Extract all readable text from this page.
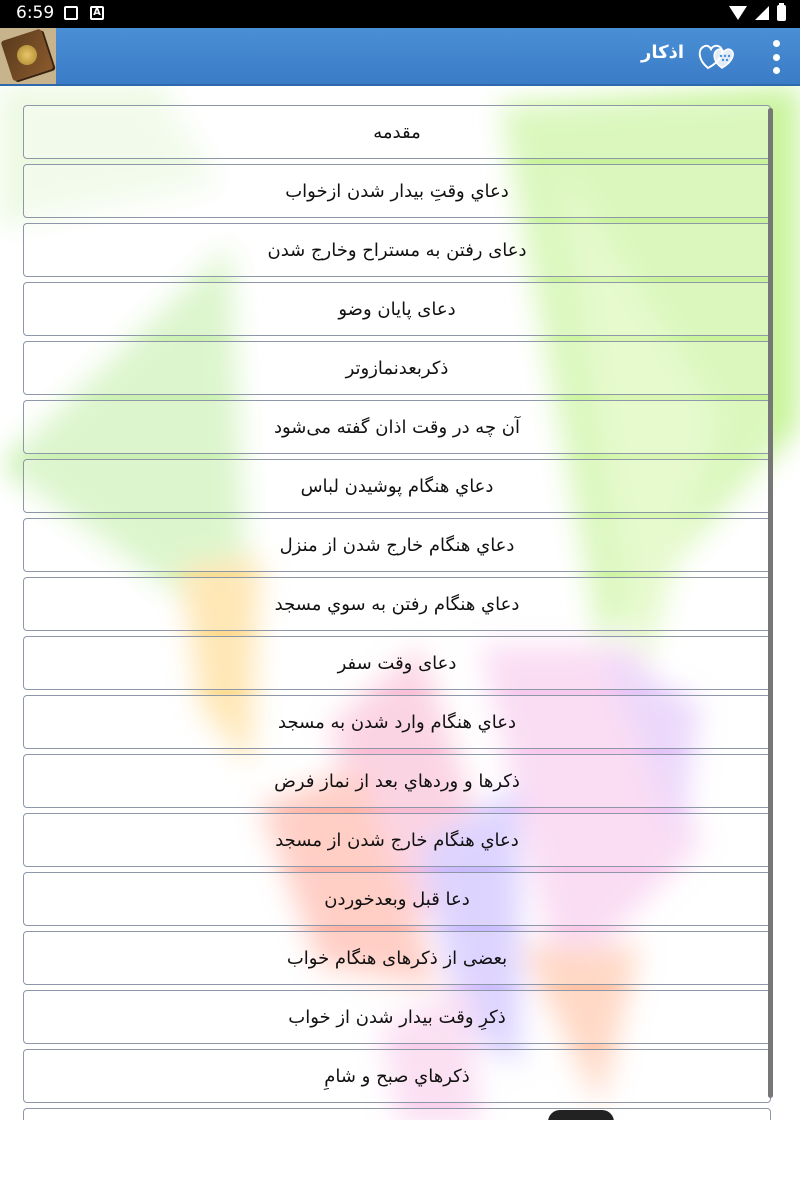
6:59	A
اذکار
مقدمه
دعاي وقتِ بيدار شدن ازخواب
دعای رفتن به مستراح وخارج شدن
دعای پایان وضو
ذکربعدنمازوتر
آن چه در وقت اذان گفته می‌شود
دعاي هنگام پوشيدن لباس
دعاي هنگام خارج شدن از منزل
دعاي هنگام رفتن به سوي مسجد
دعای وقت سفر
دعاي هنگام وارد شدن به مسجد
ذکرها و وردهاي بعد از نماز فرض
دعاي هنگام خارج شدن از مسجد
دعا قبل وبعدخوردن
بعضی از ذکرهای هنگام خواب
ذکرِ وقت بيدار شدن از خواب
ذکرهاي صبح و شامِ
